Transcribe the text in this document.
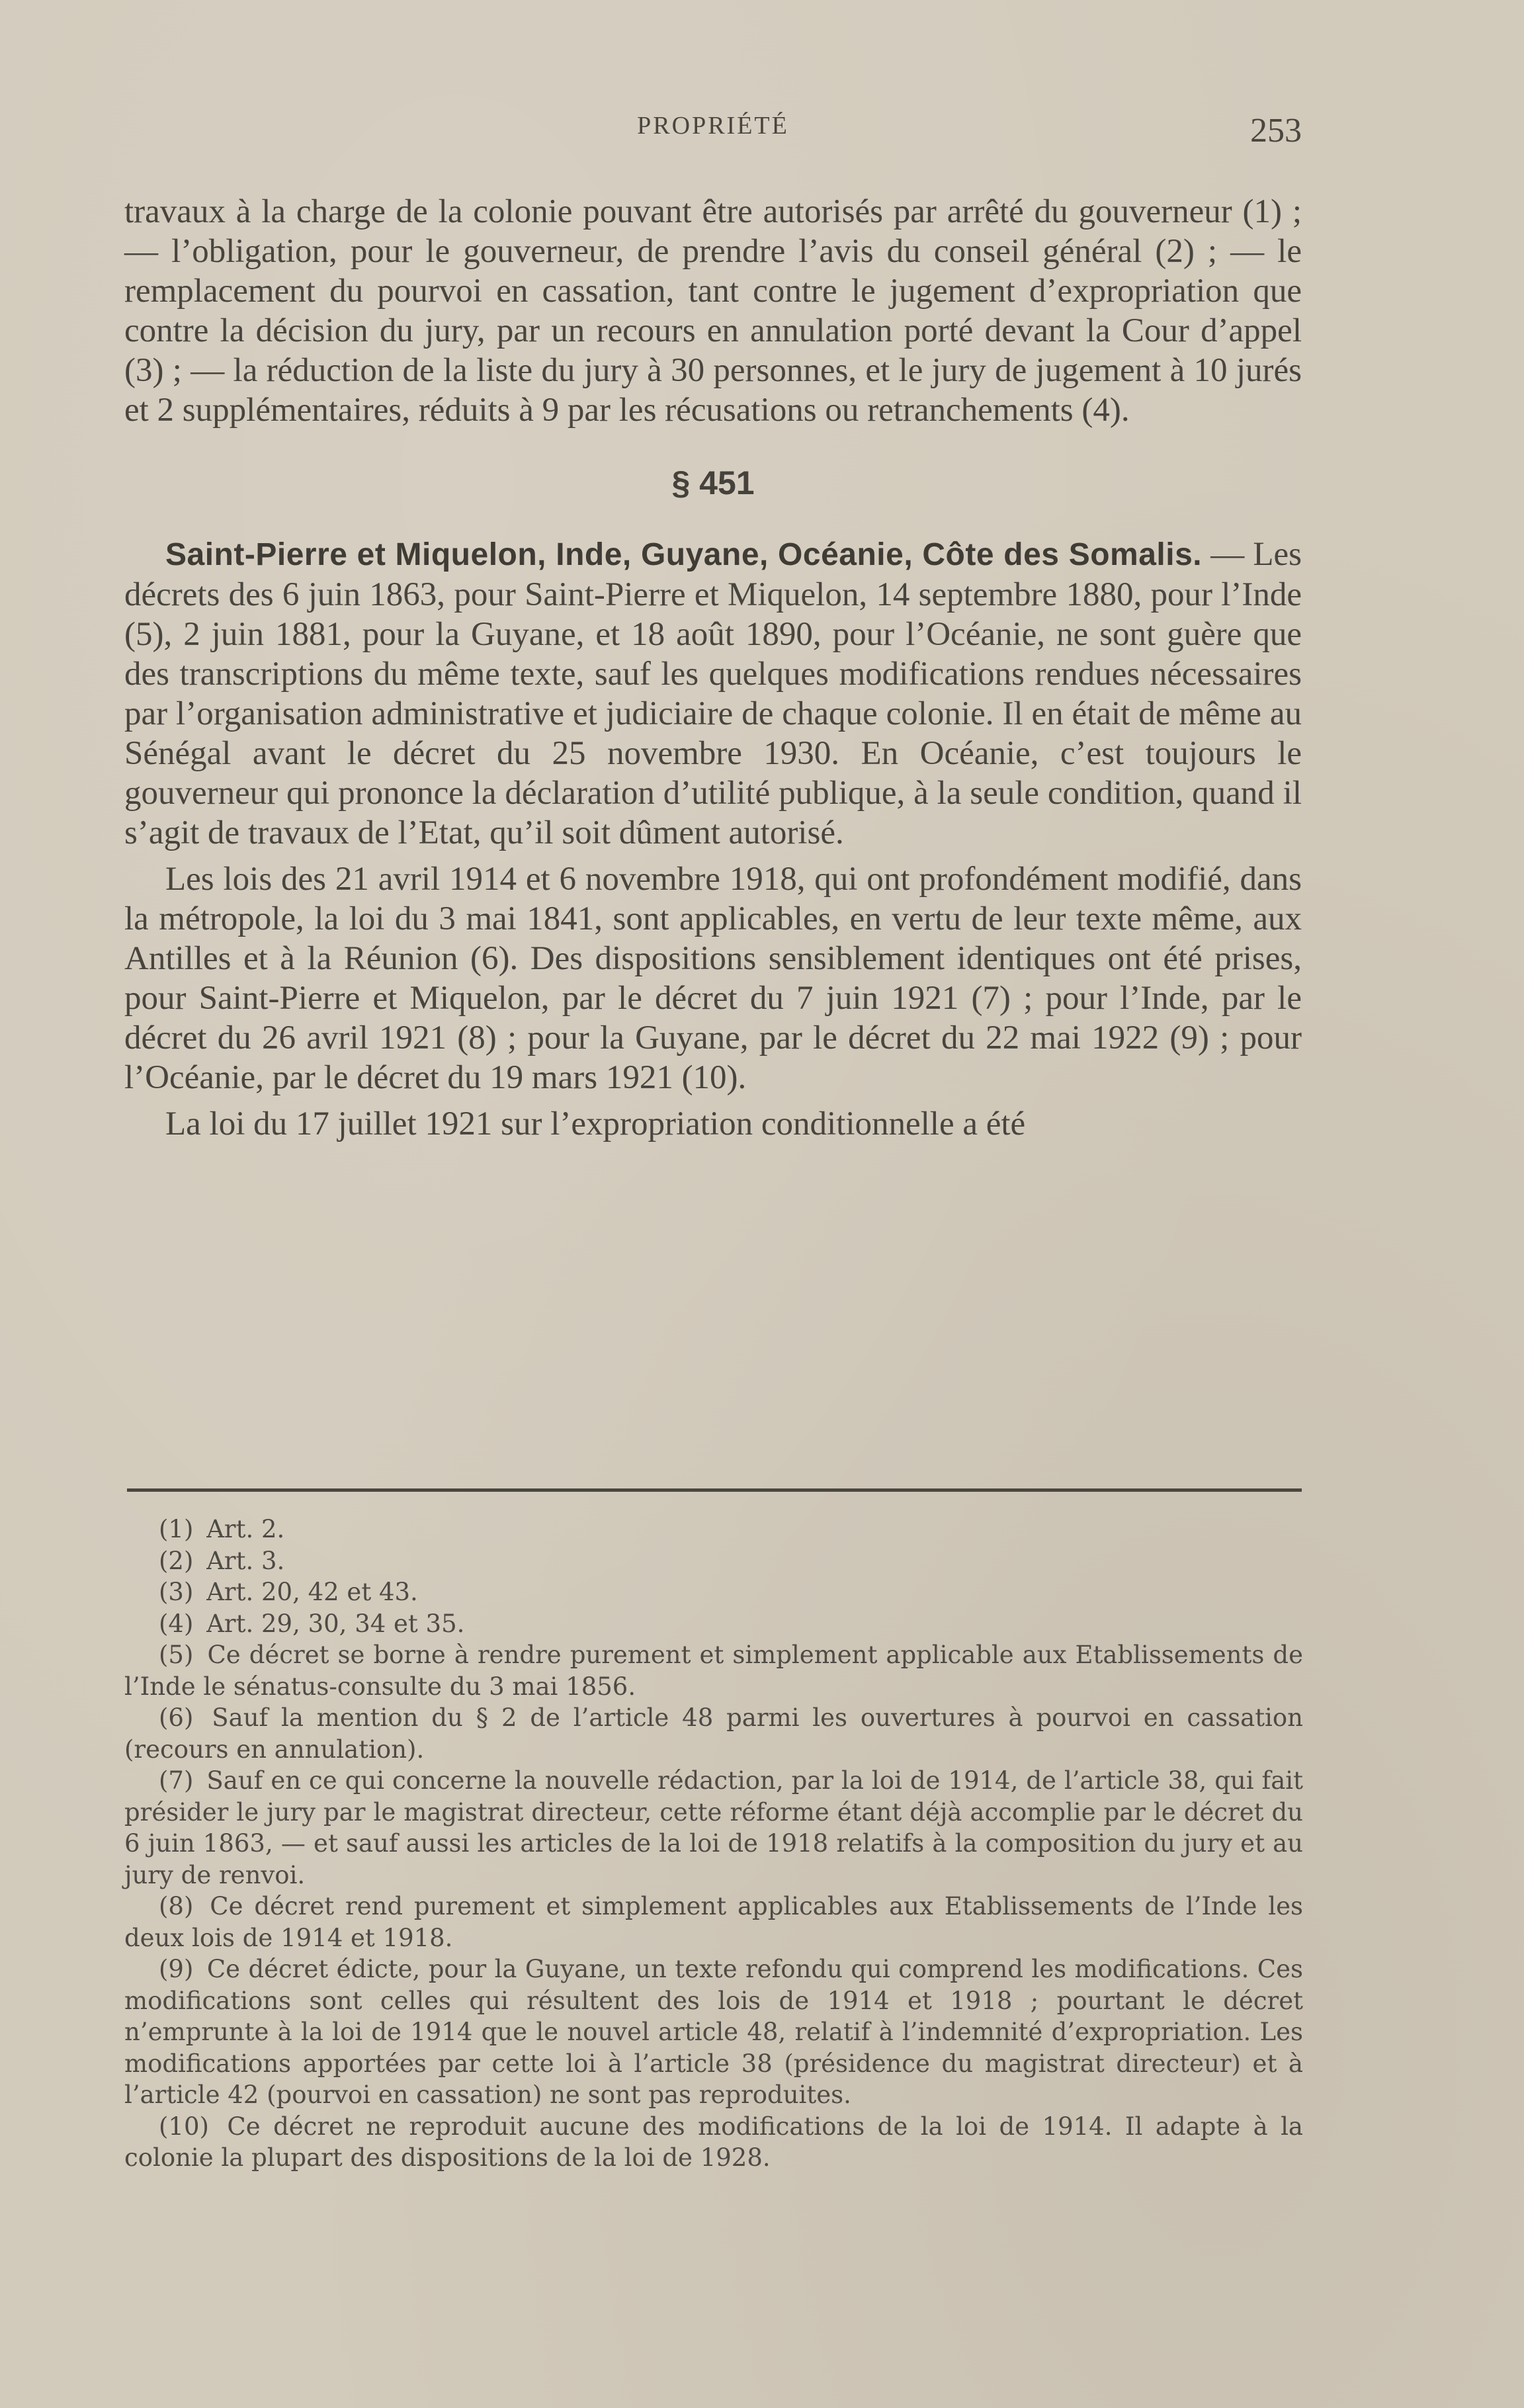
PROPRIÉTÉ	253

travaux à la charge de la colonie pouvant être autorisés par arrêté du gouverneur (1) ; — l’obligation, pour le gouverneur, de prendre l’avis du conseil général (2) ; — le remplacement du pourvoi en cassation, tant contre le jugement d’expropriation que contre la décision du jury, par un recours en annulation porté devant la Cour d’appel (3) ; — la réduction de la liste du jury à 30 personnes, et le jury de jugement à 10 jurés et 2 supplémentaires, réduits à 9 par les récusations ou retranchements (4).

§ 451

Saint-Pierre et Miquelon, Inde, Guyane, Océanie, Côte des Somalis. — Les décrets des 6 juin 1863, pour Saint-Pierre et Miquelon, 14 septembre 1880, pour l’Inde (5), 2 juin 1881, pour la Guyane, et 18 août 1890, pour l’Océanie, ne sont guère que des transcriptions du même texte, sauf les quelques modifications rendues nécessaires par l’organisation administrative et judiciaire de chaque colonie. Il en était de même au Sénégal avant le décret du 25 novembre 1930. En Océanie, c’est toujours le gouverneur qui prononce la déclaration d’utilité publique, à la seule condition, quand il s’agit de travaux de l’Etat, qu’il soit dûment autorisé.

Les lois des 21 avril 1914 et 6 novembre 1918, qui ont profondément modifié, dans la métropole, la loi du 3 mai 1841, sont applicables, en vertu de leur texte même, aux Antilles et à la Réunion (6). Des dispositions sensiblement identiques ont été prises, pour Saint-Pierre et Miquelon, par le décret du 7 juin 1921 (7) ; pour l’Inde, par le décret du 26 avril 1921 (8) ; pour la Guyane, par le décret du 22 mai 1922 (9) ; pour l’Océanie, par le décret du 19 mars 1921 (10).

La loi du 17 juillet 1921 sur l’expropriation conditionnelle a été

(1) Art. 2.

(2) Art. 3.

(3) Art. 20, 42 et 43.

(4) Art. 29, 30, 34 et 35.

(5) Ce décret se borne à rendre purement et simplement applicable aux Etablissements de l’Inde le sénatus-consulte du 3 mai 1856.

(6) Sauf la mention du § 2 de l’article 48 parmi les ouvertures à pourvoi en cassation (recours en annulation).

(7) Sauf en ce qui concerne la nouvelle rédaction, par la loi de 1914, de l’article 38, qui fait présider le jury par le magistrat directeur, cette réforme étant déjà accomplie par le décret du 6 juin 1863, — et sauf aussi les articles de la loi de 1918 relatifs à la composition du jury et au jury de renvoi.

(8) Ce décret rend purement et simplement applicables aux Etablissements de l’Inde les deux lois de 1914 et 1918.

(9) Ce décret édicte, pour la Guyane, un texte refondu qui comprend les modifications. Ces modifications sont celles qui résultent des lois de 1914 et 1918 ; pourtant le décret n’emprunte à la loi de 1914 que le nouvel article 48, relatif à l’indemnité d’expropriation. Les modifications apportées par cette loi à l’article 38 (présidence du magistrat directeur) et à l’article 42 (pourvoi en cassation) ne sont pas reproduites.

(10) Ce décret ne reproduit aucune des modifications de la loi de 1914. Il adapte à la colonie la plupart des dispositions de la loi de 1928.
